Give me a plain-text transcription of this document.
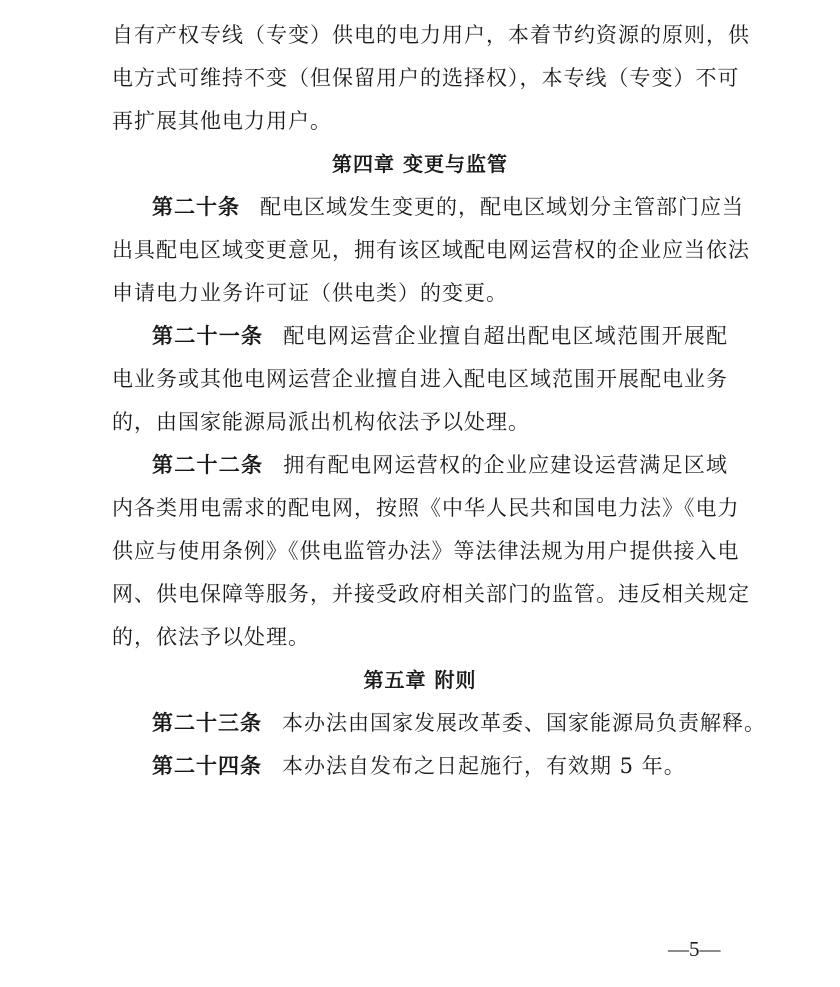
自有产权专线（专变）供电的电力用户，本着节约资源的原则，供
电方式可维持不变（但保留用户的选择权），本专线（专变）不可
再扩展其他电力用户。
第四章 变更与监管
第二十条 配电区域发生变更的，配电区域划分主管部门应当
出具配电区域变更意见，拥有该区域配电网运营权的企业应当依法
申请电力业务许可证（供电类）的变更。
第二十一条 配电网运营企业擅自超出配电区域范围开展配
电业务或其他电网运营企业擅自进入配电区域范围开展配电业务
的，由国家能源局派出机构依法予以处理。
第二十二条 拥有配电网运营权的企业应建设运营满足区域
内各类用电需求的配电网，按照《中华人民共和国电力法》《电力
供应与使用条例》《供电监管办法》等法律法规为用户提供接入电
网、供电保障等服务，并接受政府相关部门的监管。违反相关规定
的，依法予以处理。
第五章 附则
第二十三条 本办法由国家发展改革委、国家能源局负责解释。
第二十四条 本办法自发布之日起施行，有效期 5 年。
—5—
